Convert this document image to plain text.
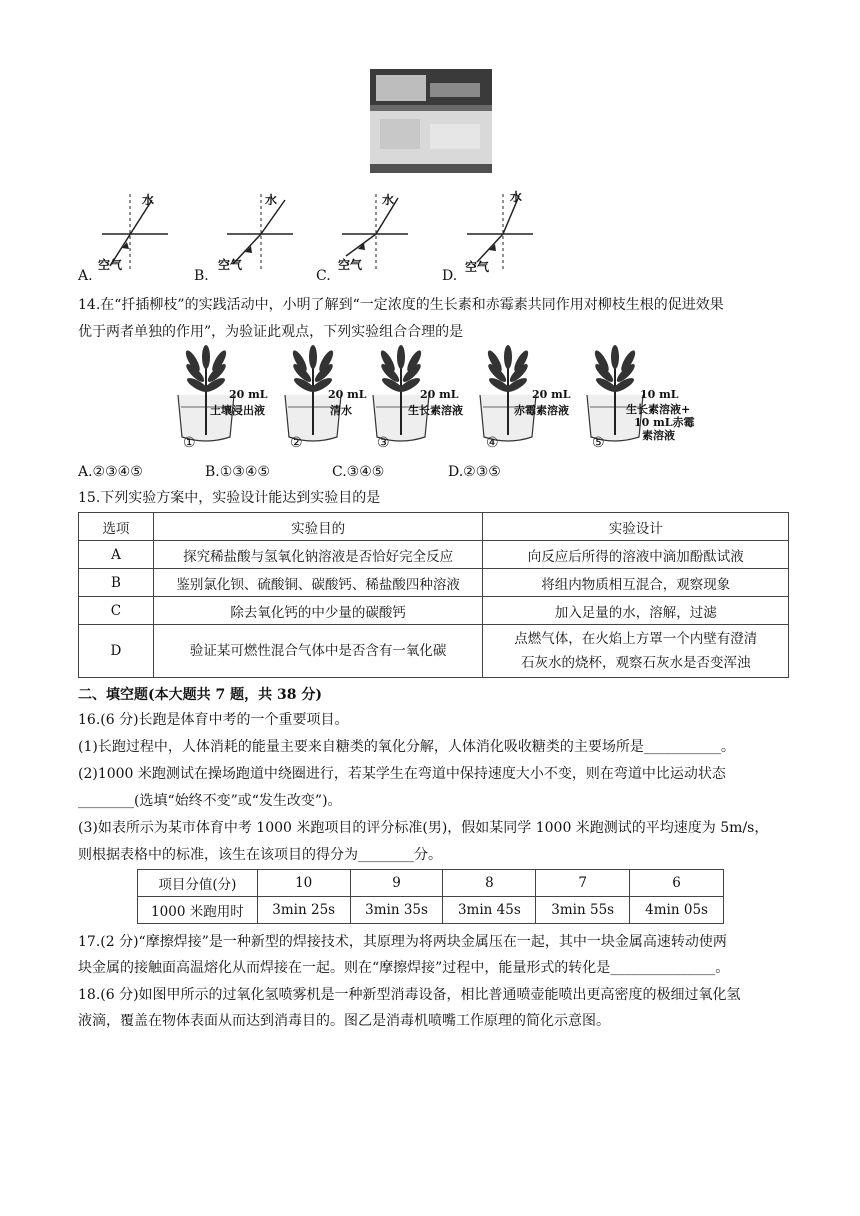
水
空气
A.
水
空气
B.
水
空气
C.
水
空气
D.
14.在“扦插柳枝”的实践活动中，小明了解到“一定浓度的生长素和赤霉素共同作用对柳枝生根的促进效果
优于两者单独的作用”，为验证此观点，下列实验组合合理的是
20 mL
土壤浸出液
①
20 mL
清水
②
20 mL
生长素溶液
③
20 mL
赤霉素溶液
④
10 mL
生长素溶液+
10 mL赤霉
素溶液
⑤
A.②③④⑤	B.①③④⑤	C.③④⑤	D.②③⑤
15.下列实验方案中，实验设计能达到实验目的是
选项	实验目的	实验设计
A	探究稀盐酸与氢氧化钠溶液是否恰好完全反应	向反应后所得的溶液中滴加酚酞试液
B	鉴别氯化钡、硫酸铜、碳酸钙、稀盐酸四种溶液	将组内物质相互混合，观察现象
C	除去氧化钙的中少量的碳酸钙	加入足量的水，溶解，过滤
D	验证某可燃性混合气体中是否含有一氧化碳	点燃气体，在火焰上方罩一个内壁有澄清
石灰水的烧杯，观察石灰水是否变浑浊
二、填空题(本大题共 7 题，共 38 分)
16.(6 分)长跑是体育中考的一个重要项目。
(1)长跑过程中，人体消耗的能量主要来自糖类的氧化分解，人体消化吸收糖类的主要场所是___________。
(2)1000 米跑测试在操场跑道中绕圈进行，若某学生在弯道中保持速度大小不变，则在弯道中比运动状态
________(选填“始终不变”或“发生改变”)。
(3)如表所示为某市体育中考 1000 米跑项目的评分标准(男)，假如某同学 1000 米跑测试的平均速度为 5m/s，
则根据表格中的标准，该生在该项目的得分为________分。
项目分值(分)	10	9	8	7	6
1000 米跑用时	3min 25s	3min 35s	3min 45s	3min 55s	4min 05s
17.(2 分)“摩擦焊接”是一种新型的焊接技术，其原理为将两块金属压在一起，其中一块金属高速转动使两
块金属的接触面高温熔化从而焊接在一起。则在“摩擦焊接”过程中，能量形式的转化是_______________。
18.(6 分)如图甲所示的过氧化氢喷雾机是一种新型消毒设备，相比普通喷壶能喷出更高密度的极细过氧化氢
液滴，覆盖在物体表面从而达到消毒目的。图乙是消毒机喷嘴工作原理的简化示意图。
